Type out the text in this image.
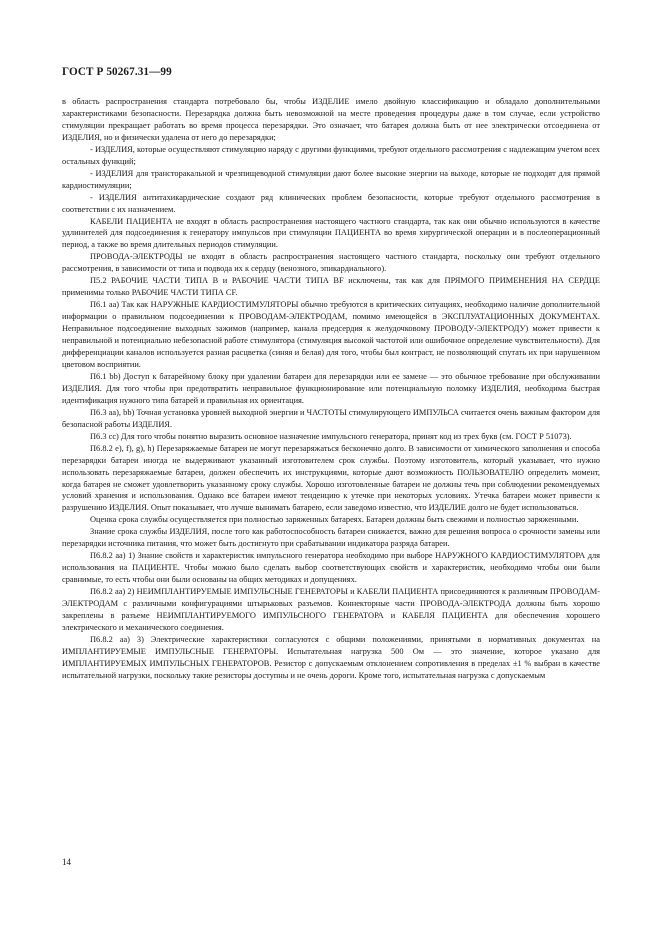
ГОСТ Р 50267.31—99

в область распространения стандарта потребовало бы, чтобы ИЗДЕЛИЕ имело двойную классификацию и обладало дополнительными характеристиками безопасности. Перезарядка должна быть невозможной на месте проведения процедуры даже в том случае, если устройство стимуляции прекращает работать во время процесса перезарядки. Это означает, что батарея должна быть от нее электрически отсоединена от ИЗДЕЛИЯ, но и физически удалена от него до перезарядки;

- ИЗДЕЛИЯ, которые осуществляют стимуляцию наряду с другими функциями, требуют отдельного рассмотрения с надлежащим учетом всех остальных функций;

- ИЗДЕЛИЯ для трансторакальной и чрезпищеводной стимуляции дают более высокие энергии на выходе, которые не подходят для прямой кардиостимуляции;

- ИЗДЕЛИЯ антитахикардические создают ряд клинических проблем безопасности, которые требуют отдельного рассмотрения в соответствии с их назначением.

КАБЕЛИ ПАЦИЕНТА не входят в область распространения настоящего частного стандарта, так как они обычно используются в качестве удлинителей для подсоединения к генератору импульсов при стимуляции ПАЦИЕНТА во время хирургической операции и в послеоперационный период, а также во время длительных периодов стимуляции.

ПРОВОДА-ЭЛЕКТРОДЫ не входят в область распространения настоящего частного стандарта, поскольку они требуют отдельного рассмотрения, в зависимости от типа и подвода их к сердцу (венозного, эпикардиального).

П5.2 РАБОЧИЕ ЧАСТИ ТИПА В и РАБОЧИЕ ЧАСТИ ТИПА BF исключены, так как для ПРЯМОГО ПРИМЕНЕНИЯ НА СЕРДЦЕ применимы только РАБОЧИЕ ЧАСТИ ТИПА CF.

П6.1 аа) Так как НАРУЖНЫЕ КАРДИОСТИМУЛЯТОРЫ обычно требуются в критических ситуациях, необходимо наличие дополнительной информации о правильном подсоединении к ПРОВОДАМ-ЭЛЕКТРОДАМ, помимо имеющейся в ЭКСПЛУАТАЦИОННЫХ ДОКУМЕНТАХ. Неправильное подсоединение выходных зажимов (например, канала предсердия к желудочковому ПРОВОДУ-ЭЛЕКТРОДУ) может привести к неправильной и потенциально небезопасной работе стимулятора (стимуляция высокой частотой или ошибочное определение чувствительности). Для дифференциации каналов используется разная расцветка (синяя и белая) для того, чтобы был контраст, не позволяющий спутать их при нарушенном цветовом восприятии.

П6.1 bb) Доступ к батарейному блоку при удалении батареи для перезарядки или ее замене — это обычное требование при обслуживании ИЗДЕЛИЯ. Для того чтобы при предотвратить неправильное функционирование или потенциальную поломку ИЗДЕЛИЯ, необходима быстрая идентификация нужного типа батарей и правильная их ориентация.

П6.3 аа), bb) Точная установка уровней выходной энергии и ЧАСТОТЫ стимулирующего ИМПУЛЬСА считается очень важным фактором для безопасной работы ИЗДЕЛИЯ.

П6.3 сс) Для того чтобы понятно выразить основное назначение импульсного генератора, принят код из трех букв (см. ГОСТ Р 51073).

П6.8.2 е), f), g), h) Перезаряжаемые батареи не могут перезаряжаться бесконечно долго. В зависимости от химического заполнения и способа перезарядки батареи иногда не выдерживают указанный изготовителем срок службы. Поэтому изготовитель, который указывает, что нужно использовать перезаряжаемые батареи, должен обеспечить их инструкциями, которые дают возможность ПОЛЬЗОВАТЕЛЮ определить момент, когда батарея не сможет удовлетворить указанному сроку службы. Хорошо изготовленные батареи не должны течь при соблюдении рекомендуемых условий хранения и использования. Однако все батареи имеют тенденцию к утечке при некоторых условиях. Утечка батареи может привести к разрушению ИЗДЕЛИЯ. Опыт показывает, что лучше вынимать батарею, если заведомо известно, что ИЗДЕЛИЕ долго не будет использоваться.

Оценка срока службы осуществляется при полностью заряженных батареях. Батареи должны быть свежими и полностью заряженными.

Знание срока службы ИЗДЕЛИЯ, после того как работоспособность батареи снижается, важно для решения вопроса о срочности замены или перезарядки источника питания, что может быть достигнуто при срабатывании индикатора разряда батареи.

П6.8.2 аа) 1) Знание свойств и характеристик импульсного генератора необходимо при выборе НАРУЖНОГО КАРДИОСТИМУЛЯТОРА для использования на ПАЦИЕНТЕ. Чтобы можно было сделать выбор соответствующих свойств и характеристик, необходимо чтобы они были сравнимые, то есть чтобы они были основаны на общих методиках и допущениях.

П6.8.2 аа) 2) НЕИМПЛАНТИРУЕМЫЕ ИМПУЛЬСНЫЕ ГЕНЕРАТОРЫ и КАБЕЛИ ПАЦИЕНТА присоединяются к различным ПРОВОДАМ-ЭЛЕКТРОДАМ с различными конфигурациями штырьковых разъемов. Коннекторные части ПРОВОДА-ЭЛЕКТРОДА должны быть хорошо закреплены в разъеме НЕИМПЛАНТИРУЕМОГО ИМПУЛЬСНОГО ГЕНЕРАТОРА и КАБЕЛЯ ПАЦИЕНТА для обеспечения хорошего электрического и механического соединения.

П6.8.2 аа) 3) Электрические характеристики согласуются с общими положениями, принятыми в нормативных документах на ИМПЛАНТИРУЕМЫЕ ИМПУЛЬСНЫЕ ГЕНЕРАТОРЫ. Испытательная нагрузка 500 Ом — это значение, которое указано для ИМПЛАНТИРУЕМЫХ ИМПУЛЬСНЫХ ГЕНЕРАТОРОВ. Резистор с допускаемым отклонением сопротивления в пределах ±1 % выбран в качестве испытательной нагрузки, поскольку такие резисторы доступны и не очень дороги. Кроме того, испытательная нагрузка с допускаемым

14
